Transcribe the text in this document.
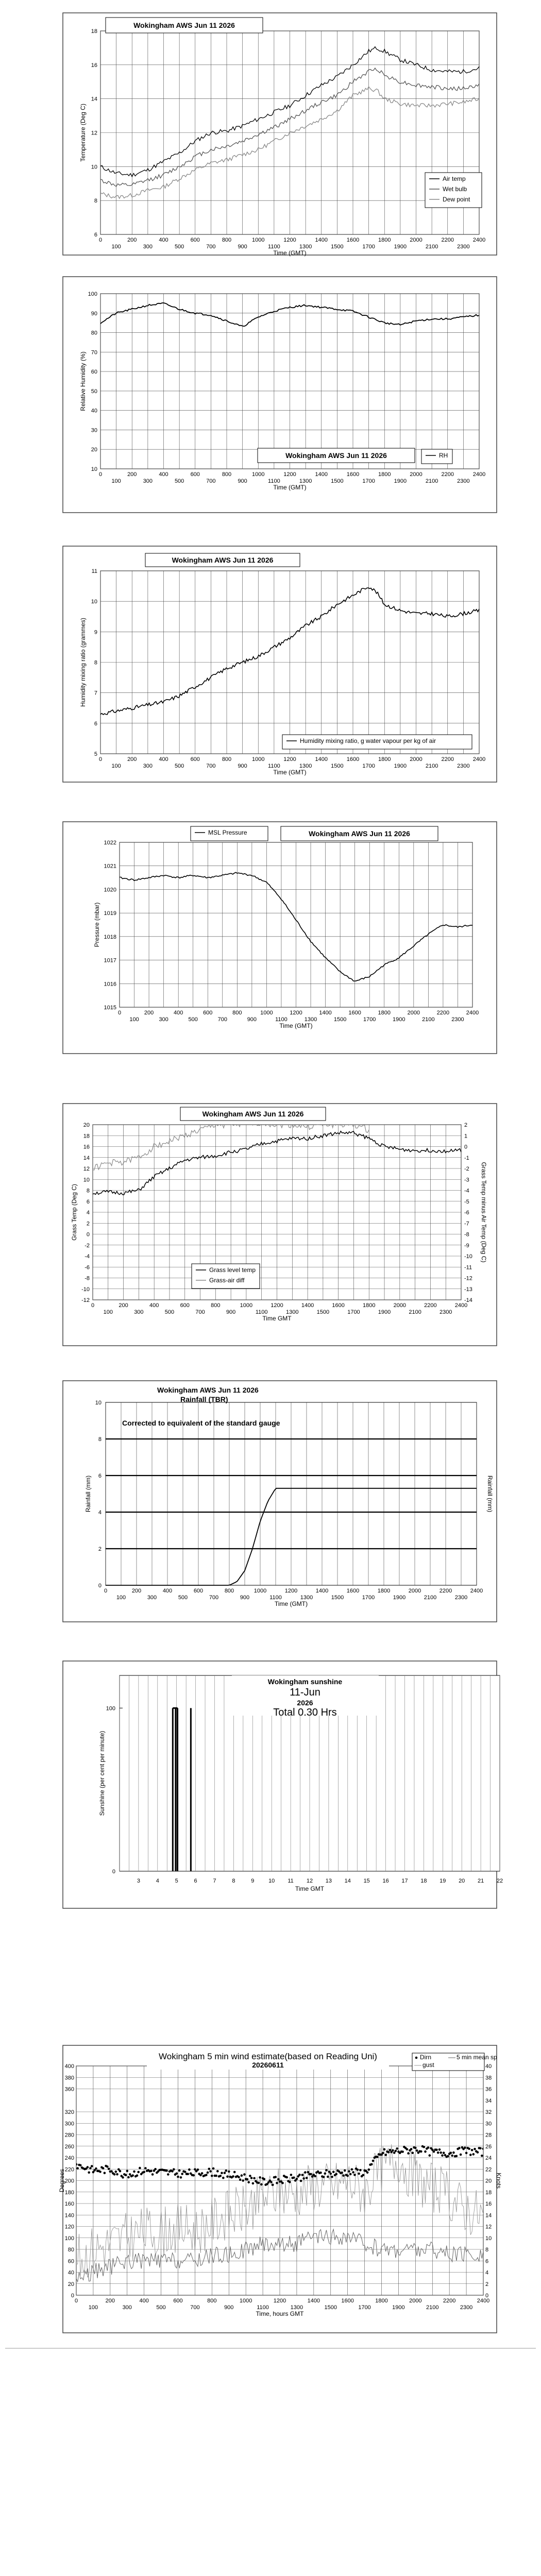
0	200	400	600	800	1000	1200	1400	1600	1800	2000	2200	2400
100	300	500	700	900	1100	1300	1500	1700	1900	2100	2300
Time (GMT)
6
8
10
12
14
16
18
Temperature (Deg C)
Wokingham AWS Jun 11 2026
Air temp
Wet bulb
Dew point
0	200	400	600	800	1000	1200	1400	1600	1800	2000	2200	2400
100	300	500	700	900	1100	1300	1500	1700	1900	2100	2300
Time (GMT)
10
20
30
40
50
60
70
80
90
100
Relative Humidity (%)
Wokingham AWS Jun 11 2026	RH
0	200	400	600	800	1000	1200	1400	1600	1800	2000	2200	2400
100	300	500	700	900	1100	1300	1500	1700	1900	2100	2300
Time (GMT)
5
6
7
8
9
10
11
Humidity mixing ratio (grammes)
Wokingham AWS Jun 11 2026
Humidity mixing ratio, g water vapour per kg of air
0	200	400	600	800	1000	1200	1400	1600	1800	2000	2200	2400
100	300	500	700	900	1100	1300	1500	1700	1900	2100	2300
Time (GMT)
1015
1016
1017
1018
1019
1020
1021
1022
Pressure (mbar)
MSL Pressure	Wokingham AWS Jun 11 2026
0	200	400	600	800	1000	1200	1400	1600	1800	2000	2200	2400
100	300	500	700	900	1100	1300	1500	1700	1900	2100	2300
Time GMT
-12
-10
-8
-6
-4
-2
0
2
4
6
8
10
12
14
16
18
20
-14
-13
-12
-11
-10
-9
-8
-7
-6
-5
-4
-3
-2
-1
0
1
2
Grass Temp (Deg C)	Grass Temp minus Air Temp (Deg C)
Wokingham AWS Jun 11 2026
Grass level temp
Grass-air diff
0	200	400	600	800	1000	1200	1400	1600	1800	2000	2200	2400
100	300	500	700	900	1100	1300	1500	1700	1900	2100	2300
Time (GMT)
0
2
4
6
8
10
Rainfall (mm)	Rainfall (mm)
Wokingham AWS Jun 11 2026
Rainfall (TBR)
Corrected to equivalent of the standard gauge
3	4	5	6	7	8	9	10 11 12 13 14 15 16 17 18 19 20 21 22
Time GMT
0
100
Sunshine (per cent per minute)
Wokingham sunshine
11-Jun
2026
Total 0.30 Hrs
0	200	400	600	800	1000	1200	1400	1600	1800	2000	2200	2400
100	300	500	700	900	1100	1300	1500	1700	1900	2100	2300
Time, hours GMT
0
20
40
60
80
100
120
140
160
180
200
220
240
260
280
300
320
360
380
400
0
2
4
6
8
10
12
14
16
18
20
22
24
26
28
30
32
34
36
38
40
Degrees	Knots
Wokingham 5 min wind estimate(based on Reading Uni)
20260611
Dirn	5 min mean sp
gust
